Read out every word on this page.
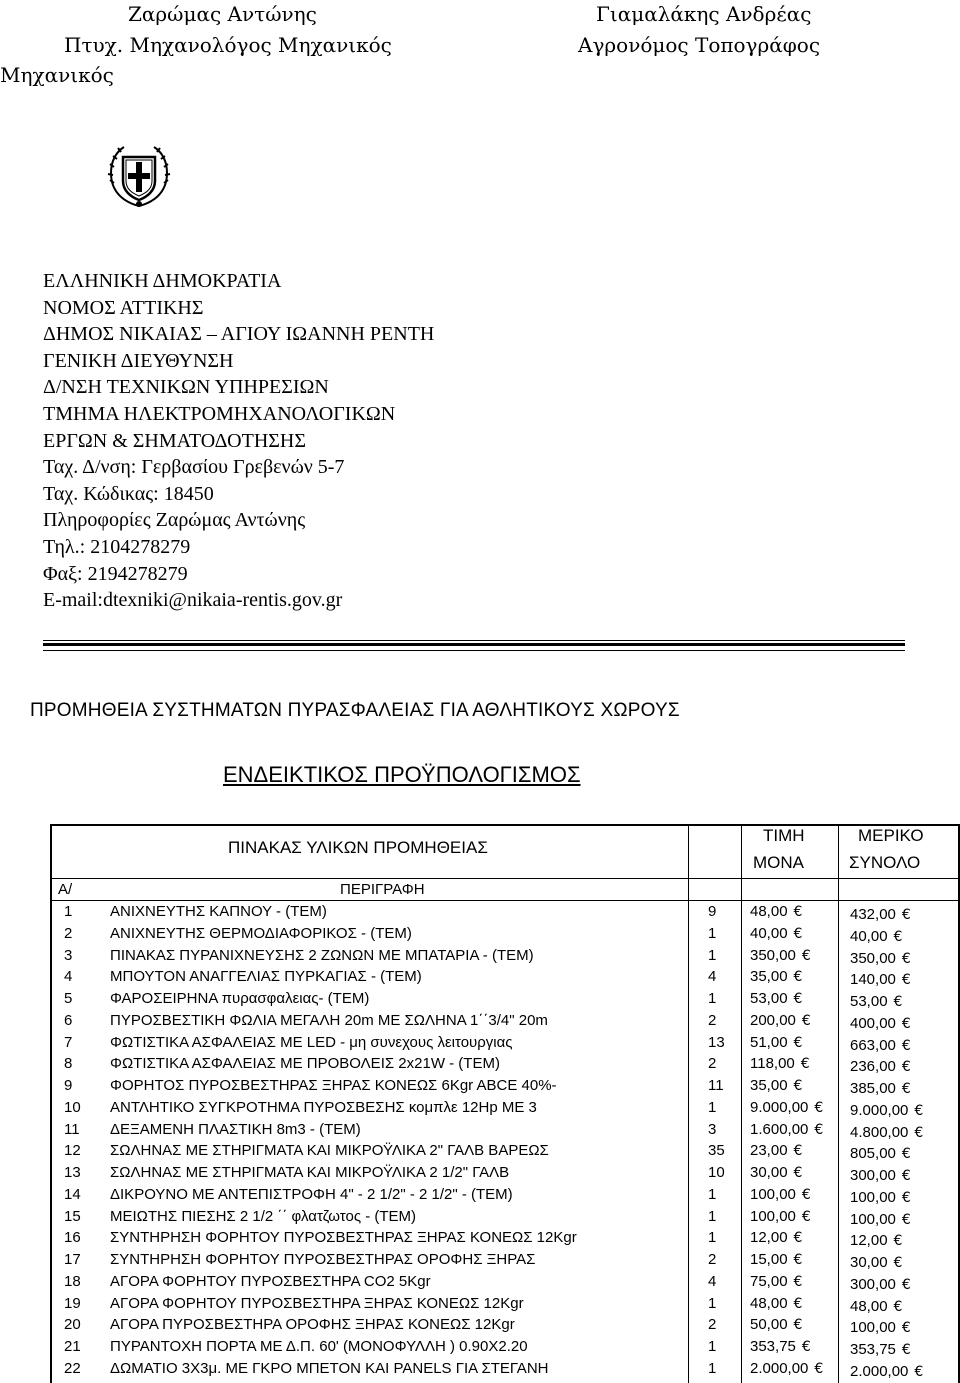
Ζαρώμας Αντώνης
Πτυχ. Μηχανολόγος Μηχανικός
Μηχανικός
Γιαμαλάκης Ανδρέας
Αγρονόμος Τοπογράφος
ΕΛΛΗΝΙΚΗ ΔΗΜΟΚΡΑΤΙΑ
ΝΟΜΟΣ ΑΤΤΙΚΗΣ
ΔΗΜΟΣ ΝΙΚΑΙΑΣ – ΑΓΙΟΥ ΙΩΑΝΝΗ ΡΕΝΤΗ
ΓΕΝΙΚΗ ΔΙΕΥΘΥΝΣΗ
Δ/ΝΣΗ ΤΕΧΝΙΚΩΝ ΥΠΗΡΕΣΙΩΝ
ΤΜΗΜΑ ΗΛΕΚΤΡΟΜΗΧΑΝΟΛΟΓΙΚΩΝ
ΕΡΓΩΝ & ΣΗΜΑΤΟΔΟΤΗΣΗΣ
Ταχ. Δ/νση: Γερβασίου Γρεβενών 5-7
Ταχ. Κώδικας: 18450
Πληροφορίες Ζαρώμας Αντώνης
Τηλ.: 2104278279
Φαξ: 2194278279
E-mail:dtexniki@nikaia-rentis.gov.gr
ΠΡΟΜΗΘΕΙΑ ΣΥΣΤΗΜΑΤΩΝ ΠΥΡΑΣΦΑΛΕΙΑΣ ΓΙΑ ΑΘΛΗΤΙΚΟΥΣ ΧΩΡΟΥΣ
ΕΝΔΕΙΚΤΙΚΟΣ ΠΡΟΫΠΟΛΟΓΙΣΜΟΣ
ΠΙΝΑΚΑΣ ΥΛΙΚΩΝ ΠΡΟΜΗΘΕΙΑΣ
ΤΙΜΗ
ΜΟΝΑ
ΜΕΡΙΚΟ
ΣΥΝΟΛΟ
Α/	ΠΕΡΙΓΡΑΦΗ
1	ΑΝΙΧΝΕΥΤΗΣ ΚΑΠΝΟΥ - (ΤΕΜ)	9 48,00 €	432,00 €
2	ΑΝΙΧΝΕΥΤΗΣ ΘΕΡΜΟΔΙΑΦΟΡΙΚΟΣ - (ΤΕΜ)	1 40,00 €	40,00 €
3	ΠΙΝΑΚΑΣ ΠΥΡΑΝΙΧΝΕΥΣΗΣ 2 ΖΩΝΩΝ ΜΕ ΜΠΑΤΑΡΙΑ - (ΤΕΜ)	1 350,00 €	350,00 €
4	ΜΠΟΥΤΟΝ ΑΝΑΓΓΕΛΙΑΣ ΠΥΡΚΑΓΙΑΣ - (ΤΕΜ)	4 35,00 €	140,00 €
5	ΦΑΡΟΣΕΙΡΗΝΑ πυρασφαλειας- (ΤΕΜ)	1 53,00 €	53,00 €
6	ΠΥΡΟΣΒΕΣΤΙΚΗ ΦΩΛΙΑ ΜΕΓΑΛΗ 20m ΜΕ ΣΩΛΗΝΑ 1΄΄3/4" 20m	2 200,00 €	400,00 €
7	ΦΩΤΙΣΤΙΚΑ ΑΣΦΑΛΕΙΑΣ ΜΕ LED - μη συνεχους λειτουργιας	13 51,00 €	663,00 €
8	ΦΩΤΙΣΤΙΚΑ ΑΣΦΑΛΕΙΑΣ ΜΕ ΠΡΟΒΟΛΕΙΣ 2x21W - (ΤΕΜ)	2 118,00 €	236,00 €
9	ΦΟΡΗΤΟΣ ΠΥΡΟΣΒΕΣΤΗΡΑΣ ΞΗΡΑΣ ΚΟΝΕΩΣ 6Kgr ABCE 40%-	11 35,00 €	385,00 €
10 ΑΝΤΛΗΤΙΚΟ ΣΥΓΚΡΟΤΗΜΑ ΠΥΡΟΣΒΕΣΗΣ κομπλε 12Hp ΜΕ 3	1 9.000,00 € 9.000,00 €
11 ΔΕΞΑΜΕΝΗ ΠΛΑΣΤΙΚΗ 8m3 - (ΤΕΜ)	3 1.600,00 € 4.800,00 €
12 ΣΩΛΗΝΑΣ ΜΕ ΣΤΗΡΙΓΜΑΤΑ ΚΑΙ ΜΙΚΡΟΫΛΙΚΑ 2" ΓΑΛΒ ΒΑΡΕΩΣ	35 23,00 €	805,00 €
13 ΣΩΛΗΝΑΣ ΜΕ ΣΤΗΡΙΓΜΑΤΑ ΚΑΙ ΜΙΚΡΟΫΛΙΚΑ 2 1/2" ΓΑΛΒ	10 30,00 €	300,00 €
14 ΔΙΚΡΟΥΝΟ ΜΕ ΑΝΤΕΠΙΣΤΡΟΦΗ 4" - 2 1/2" - 2 1/2" - (ΤΕΜ)	1 100,00 €	100,00 €
15 ΜΕΙΩΤΗΣ ΠΙΕΣΗΣ 2 1/2 ΄΄ φλατζωτος - (ΤΕΜ)	1 100,00 €	100,00 €
16 ΣΥΝΤΗΡΗΣΗ ΦΟΡΗΤΟΥ ΠΥΡΟΣΒΕΣΤΗΡΑΣ ΞΗΡΑΣ ΚΟΝΕΩΣ 12Kgr	1 12,00 €	12,00 €
17 ΣΥΝΤΗΡΗΣΗ ΦΟΡΗΤΟΥ ΠΥΡΟΣΒΕΣΤΗΡΑΣ ΟΡΟΦΗΣ ΞΗΡΑΣ	2 15,00 €	30,00 €
18 ΑΓΟΡΑ ΦΟΡΗΤΟΥ ΠΥΡΟΣΒΕΣΤΗΡΑ CO2 5Kgr	4 75,00 €	300,00 €
19 ΑΓΟΡΑ ΦΟΡΗΤΟΥ ΠΥΡΟΣΒΕΣΤΗΡΑ ΞΗΡΑΣ ΚΟΝΕΩΣ 12Kgr	1 48,00 €	48,00 €
20 ΑΓΟΡΑ ΠΥΡΟΣΒΕΣΤΗΡΑ ΟΡΟΦΗΣ ΞΗΡΑΣ ΚΟΝΕΩΣ 12Kgr	2 50,00 €	100,00 €
21 ΠΥΡΑΝΤΟΧΗ ΠΟΡΤΑ ΜΕ Δ.Π. 60' (ΜΟΝΟΦΥΛΛΗ ) 0.90Χ2.20	1 353,75 €	353,75 €
22 ΔΩΜΑΤΙΟ 3Χ3μ. ΜΕ ΓΚΡΟ ΜΠΕΤΟΝ ΚΑΙ PANELS ΓΙΑ ΣΤΕΓΑΝΗ	1 2.000,00 € 2.000,00 €
